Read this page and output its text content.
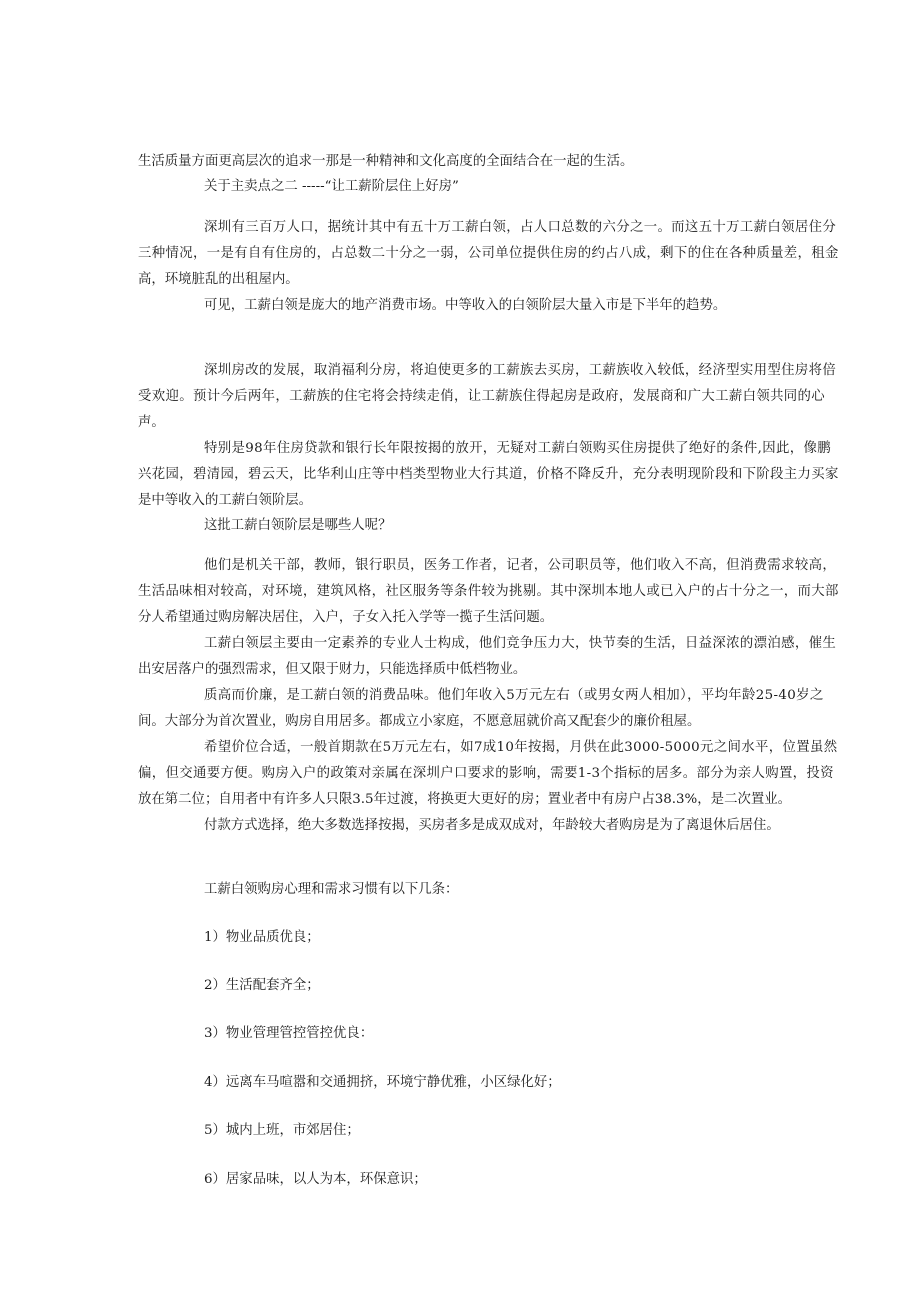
生活质量方面更高层次的追求一那是一种精神和文化高度的全面结合在一起的生活。
关于主卖点之二 -----“让工薪阶层住上好房”
深圳有三百万人口，据统计其中有五十万工薪白领，占人口总数的六分之一。而这五十万工薪白领居住分
三种情况，一是有自有住房的，占总数二十分之一弱，公司单位提供住房的约占八成，剩下的住在各种质量差，租金
高，环境脏乱的出租屋内。
可见，工薪白领是庞大的地产消费市场。中等收入的白领阶层大量入市是下半年的趋势。
深圳房改的发展，取消福利分房，将迫使更多的工薪族去买房，工薪族收入较低，经济型实用型住房将倍
受欢迎。预计今后两年，工薪族的住宅将会持续走俏，让工薪族住得起房是政府，发展商和广大工薪白领共同的心
声。
特别是98年住房贷款和银行长年限按揭的放开，无疑对工薪白领购买住房提供了绝好的条件,因此，像鹏
兴花园，碧清园，碧云天，比华利山庄等中档类型物业大行其道，价格不降反升，充分表明现阶段和下阶段主力买家
是中等收入的工薪白领阶层。
这批工薪白领阶层是哪些人呢？
他们是机关干部，教师，银行职员，医务工作者，记者，公司职员等，他们收入不高，但消费需求较高，
生活品味相对较高，对环境，建筑风格，社区服务等条件较为挑剔。其中深圳本地人或已入户的占十分之一，而大部
分人希望通过购房解决居住，入户，子女入托入学等一揽子生活问题。
工薪白领层主要由一定素养的专业人士构成，他们竞争压力大，快节奏的生活，日益深浓的漂泊感，催生
出安居落户的强烈需求，但又限于财力，只能选择质中低档物业。
质高而价廉，是工薪白领的消费品味。他们年收入5万元左右（或男女两人相加），平均年龄25-40岁之
间。大部分为首次置业，购房自用居多。都成立小家庭，不愿意屈就价高又配套少的廉价租屋。
希望价位合适，一般首期款在5万元左右，如7成10年按揭，月供在此3000-5000元之间水平，位置虽然
偏，但交通要方便。购房入户的政策对亲属在深圳户口要求的影响，需要1-3个指标的居多。部分为亲人购置，投资
放在第二位；自用者中有许多人只限3.5年过渡，将换更大更好的房；置业者中有房户占38.3%，是二次置业。
付款方式选择，绝大多数选择按揭，买房者多是成双成对，年龄较大者购房是为了离退休后居住。
工薪白领购房心理和需求习惯有以下几条：
1）物业品质优良；
2）生活配套齐全；
3）物业管理管控管控优良：
4）远离车马喧嚣和交通拥挤，环境宁静优雅，小区绿化好；
5）城内上班，市郊居住；
6）居家品味，以人为本，环保意识；
